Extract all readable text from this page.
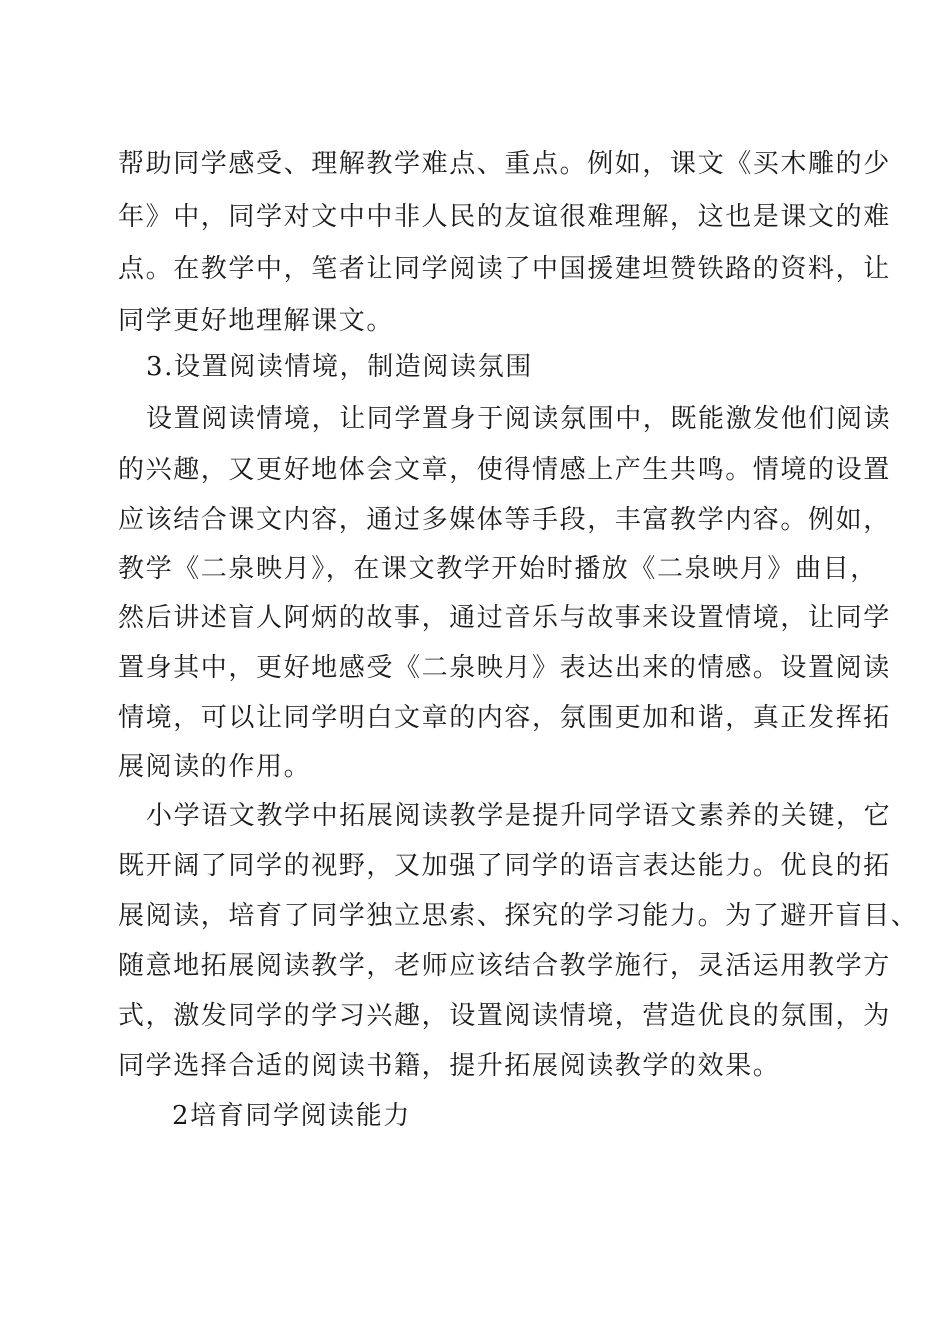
帮助同学感受、理解教学难点、重点。例如，课文《买木雕的少
年》中，同学对文中中非人民的友谊很难理解，这也是课文的难
点。在教学中，笔者让同学阅读了中国援建坦赞铁路的资料，让
同学更好地理解课文。
3.设置阅读情境，制造阅读氛围
设置阅读情境，让同学置身于阅读氛围中，既能激发他们阅读
的兴趣，又更好地体会文章，使得情感上产生共鸣。情境的设置
应该结合课文内容，通过多媒体等手段，丰富教学内容。例如，
教学《二泉映月》，在课文教学开始时播放《二泉映月》曲目，
然后讲述盲人阿炳的故事，通过音乐与故事来设置情境，让同学
置身其中，更好地感受《二泉映月》表达出来的情感。设置阅读
情境，可以让同学明白文章的内容，氛围更加和谐，真正发挥拓
展阅读的作用。
小学语文教学中拓展阅读教学是提升同学语文素养的关键，它
既开阔了同学的视野，又加强了同学的语言表达能力。优良的拓
展阅读，培育了同学独立思索、探究的学习能力。为了避开盲目、
随意地拓展阅读教学，老师应该结合教学施行，灵活运用教学方
式，激发同学的学习兴趣，设置阅读情境，营造优良的氛围，为
同学选择合适的阅读书籍，提升拓展阅读教学的效果。
2培育同学阅读能力
